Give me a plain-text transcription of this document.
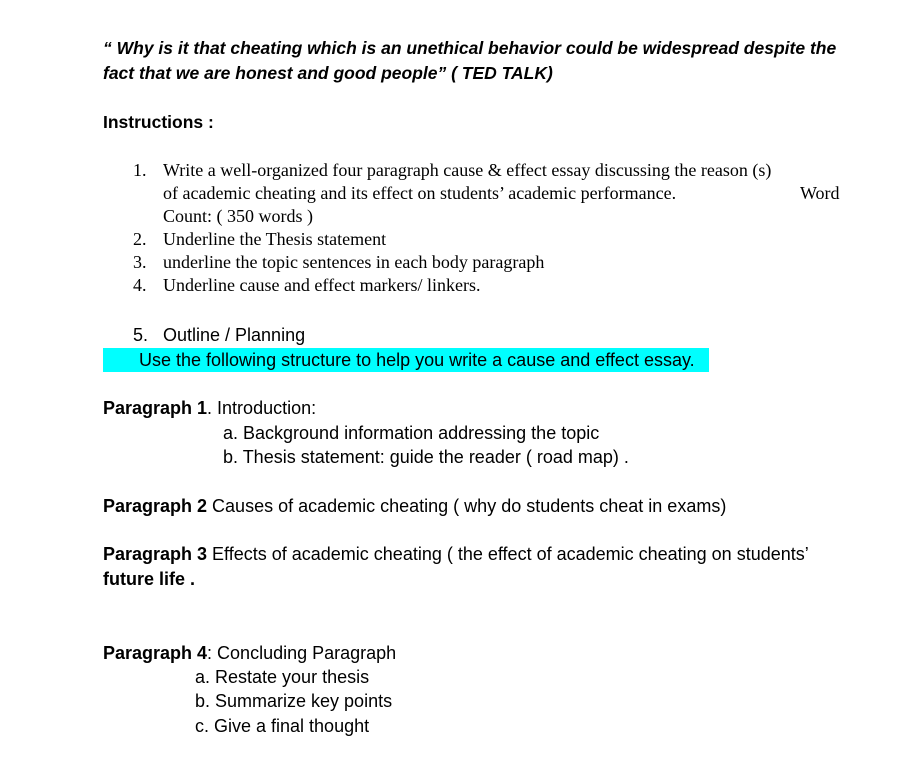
“ Why is it that cheating which is an unethical behavior could be widespread despite the
fact that we are honest and good people” ( TED TALK)
Instructions :
1. Write a well-organized four paragraph cause & effect essay discussing the reason (s)
of academic cheating and its effect on students’ academic performance.	Word
Count: ( 350 words )
2. Underline the Thesis statement
3. underline the topic sentences in each body paragraph
4. Underline cause and effect markers/ linkers.
5. Outline / Planning
Use the following structure to help you write a cause and effect essay.
Paragraph 1. Introduction:
a. Background information addressing the topic
b. Thesis statement: guide the reader ( road map) .
Paragraph 2 Causes of academic cheating ( why do students cheat in exams)
Paragraph 3 Effects of academic cheating ( the effect of academic cheating on students’
future life .
Paragraph 4: Concluding Paragraph
a. Restate your thesis
b. Summarize key points
c. Give a final thought
